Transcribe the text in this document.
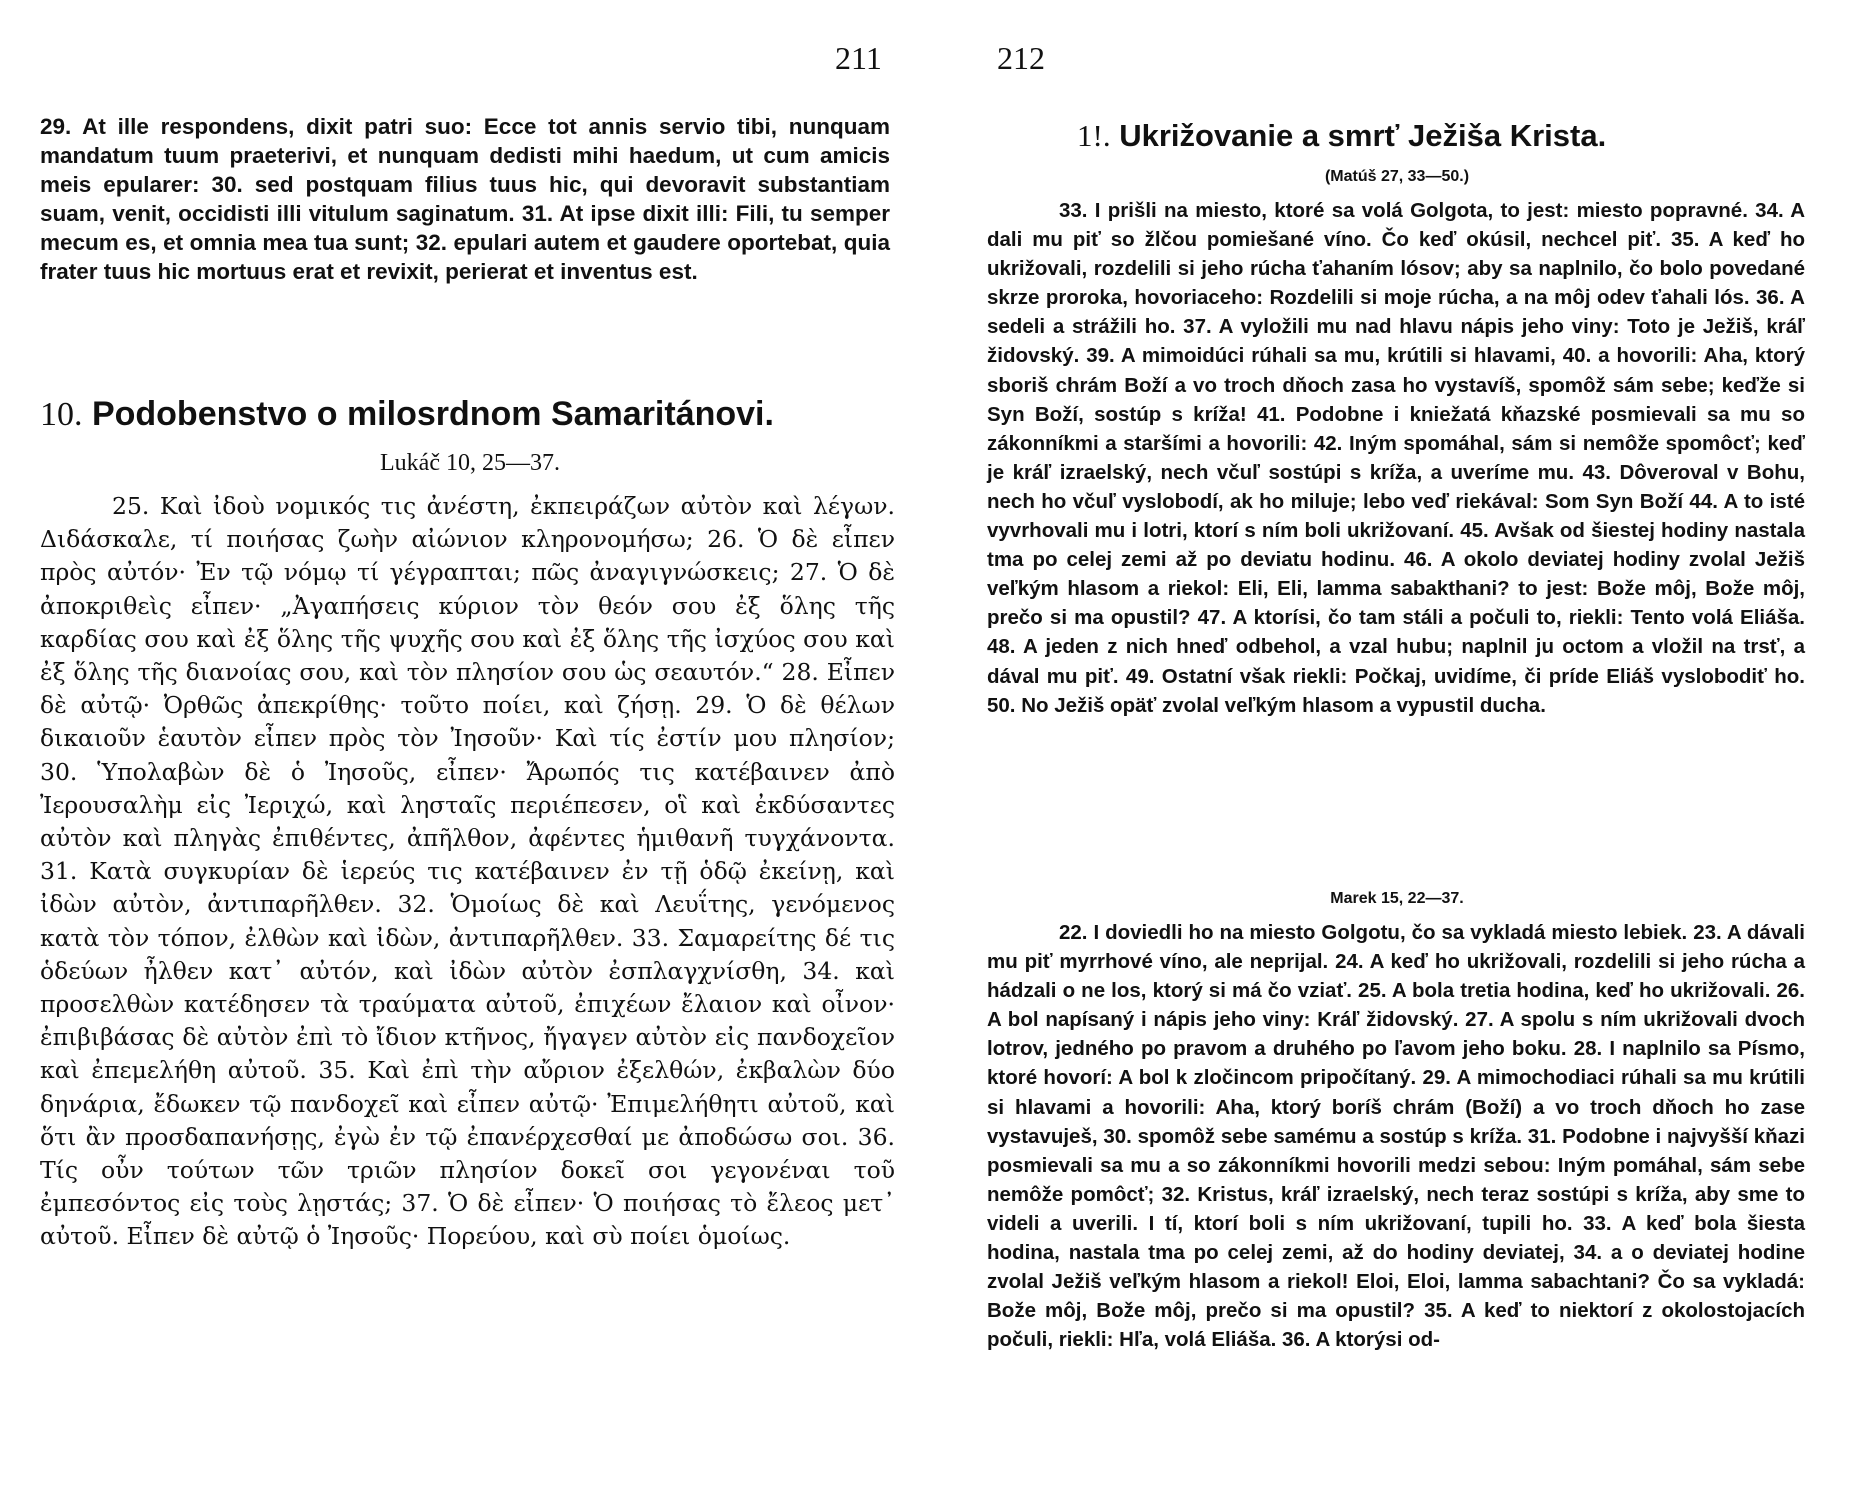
211
29. At ille respondens, dixit patri suo: Ecce tot annis servio tibi, nunquam mandatum tuum praeterivi, et nunquam dedisti mihi haedum, ut cum amicis meis epularer: 30. sed postquam filius tuus hic, qui devoravit substantiam suam, venit, occidisti illi vitulum saginatum. 31. At ipse dixit illi: Fili, tu semper mecum es, et omnia mea tua sunt; 32. epulari autem et gaudere oportebat, quia frater tuus hic mortuus erat et revixit, perierat et inventus est.
10. Podobenstvo o milosrdnom Samaritánovi.
Lukáč 10, 25—37.
25. Καὶ ἰδοὺ νομικός τις ἀνέστη, ἐκπειράζων αὐτὸν καὶ λέγων. Διδάσκαλε, τί ποιήσας ζωὴν αἰώνιον κληρονομήσω; 26. Ὁ δὲ εἶπεν πρὸς αὐτόν· Ἐν τῷ νόμῳ τί γέγραπται; πῶς ἀναγιγνώσκεις; 27. Ὁ δὲ ἀποκριθεὶς εἶπεν· „Ἀγαπήσεις κύριον τὸν θεόν σου ἐξ ὅλης τῆς καρδίας σου καὶ ἐξ ὅλης τῆς ψυχῆς σου καὶ ἐξ ὅλης τῆς ἰσχύος σου καὶ ἐξ ὅλης τῆς διανοίας σου, καὶ τὸν πλησίον σου ὡς σεαυτόν.“ 28. Εἶπεν δὲ αὐτῷ· Ὀρθῶς ἀπεκρίθης· τοῦτο ποίει, καὶ ζήσῃ. 29. Ὁ δὲ θέλων δικαιοῦν ἑαυτὸν εἶπεν πρὸς τὸν Ἰησοῦν· Καὶ τίς ἐστίν μου πλησίον; 30. Ὑπολαβὼν δὲ ὁ Ἰησοῦς, εἶπεν· Ἄρωπός τις κατέβαινεν ἀπὸ Ἰερουσαλὴμ εἰς Ἰεριχώ, καὶ λησταῖς περιέπεσεν, οἳ καὶ ἐκδύσαντες αὐτὸν καὶ πληγὰς ἐπιθέντες, ἀπῆλθον, ἀφέντες ἡμιθανῆ τυγχάνοντα. 31. Κατὰ συγκυρίαν δὲ ἱερεύς τις κατέβαινεν ἐν τῇ ὁδῷ ἐκείνῃ, καὶ ἰδὼν αὐτὸν, ἀντιπαρῆλθεν. 32. Ὁμοίως δὲ καὶ Λευΐτης, γενόμενος κατὰ τὸν τόπον, ἐλθὼν καὶ ἰδὼν, ἀντιπαρῆλθεν. 33. Σαμαρείτης δέ τις ὁδεύων ἦλθεν κατ᾽ αὐτόν, καὶ ἰδὼν αὐτὸν ἐσπλαγχνίσθη, 34. καὶ προσελθὼν κατέδησεν τὰ τραύματα αὐτοῦ, ἐπιχέων ἔλαιον καὶ οἶνον· ἐπιβιβάσας δὲ αὐτὸν ἐπὶ τὸ ἴδιον κτῆνος, ἤγαγεν αὐτὸν εἰς πανδοχεῖον καὶ ἐπεμελήθη αὐτοῦ. 35. Καὶ ἐπὶ τὴν αὔριον ἐξελθών, ἐκβαλὼν δύο δηνάρια, ἔδωκεν τῷ πανδοχεῖ καὶ εἶπεν αὐτῷ· Ἐπιμελήθητι αὐτοῦ, καὶ ὅτι ἂν προσδαπανήσῃς, ἐγὼ ἐν τῷ ἐπανέρχεσθαί με ἀποδώσω σοι. 36. Τίς οὖν τούτων τῶν τριῶν πλησίον δοκεῖ σοι γεγονέναι τοῦ ἐμπεσόντος εἰς τοὺς λῃστάς; 37. Ὁ δὲ εἶπεν· Ὁ ποιήσας τὸ ἔλεος μετ᾽ αὐτοῦ. Εἶπεν δὲ αὐτῷ ὁ Ἰησοῦς· Πορεύου, καὶ σὺ ποίει ὁμοίως.
212
1!. Ukrižovanie a smrť Ježiša Krista.
(Matúš 27, 33—50.)
33. I prišli na miesto, ktoré sa volá Golgota, to jest: miesto popravné. 34. A dali mu piť so žlčou pomiešané víno. Čo keď okúsil, nechcel piť. 35. A keď ho ukrižovali, rozdelili si jeho rúcha ťahaním lósov; aby sa naplnilo, čo bolo povedané skrze proroka, hovoriaceho: Rozdelili si moje rúcha, a na môj odev ťahali lós. 36. A sedeli a strážili ho. 37. A vyložili mu nad hlavu nápis jeho viny: Toto je Ježiš, kráľ židovský. 39. A mimoidúci rúhali sa mu, krútili si hlavami, 40. a hovorili: Aha, ktorý sboriš chrám Boží a vo troch dňoch zasa ho vystavíš, spomôž sám sebe; keďže si Syn Boží, sostúp s kríža! 41. Podobne i kniežatá kňazské posmievali sa mu so zákonníkmi a staršími a hovorili: 42. Iným spomáhal, sám si nemôže spomôcť; keď je kráľ izraelský, nech včuľ sostúpi s kríža, a uveríme mu. 43. Dôveroval v Bohu, nech ho včuľ vyslobodí, ak ho miluje; lebo veď riekával: Som Syn Boží 44. A to isté vyvrhovali mu i lotri, ktorí s ním boli ukrižovaní. 45. Avšak od šiestej hodiny nastala tma po celej zemi až po deviatu hodinu. 46. A okolo deviatej hodiny zvolal Ježiš veľkým hlasom a riekol: Eli, Eli, lamma sabakthani? to jest: Bože môj, Bože môj, prečo si ma opustil? 47. A ktorísi, čo tam stáli a počuli to, riekli: Tento volá Eliáša. 48. A jeden z nich hneď odbehol, a vzal hubu; naplnil ju octom a vložil na trsť, a dával mu piť. 49. Ostatní však riekli: Počkaj, uvidíme, či príde Eliáš vyslobodiť ho. 50. No Ježiš opäť zvolal veľkým hlasom a vypustil ducha.
Marek 15, 22—37.
22. I doviedli ho na miesto Golgotu, čo sa vykladá miesto lebiek. 23. A dávali mu piť myrrhové víno, ale neprijal. 24. A keď ho ukrižovali, rozdelili si jeho rúcha a hádzali o ne los, ktorý si má čo vziať. 25. A bola tretia hodina, keď ho ukrižovali. 26. A bol napísaný i nápis jeho viny: Kráľ židovský. 27. A spolu s ním ukrižovali dvoch lotrov, jedného po pravom a druhého po ľavom jeho boku. 28. I naplnilo sa Písmo, ktoré hovorí: A bol k zločincom pripočítaný. 29. A mimochodiaci rúhali sa mu krútili si hlavami a hovorili: Aha, ktorý boríš chrám (Boží) a vo troch dňoch ho zase vystavuješ, 30. spomôž sebe samému a sostúp s kríža. 31. Podobne i najvyšší kňazi posmievali sa mu a so zákonníkmi hovorili medzi sebou: Iným pomáhal, sám sebe nemôže pomôcť; 32. Kristus, kráľ izraelský, nech teraz sostúpi s kríža, aby sme to videli a uverili. I tí, ktorí boli s ním ukrižovaní, tupili ho. 33. A keď bola šiesta hodina, nastala tma po celej zemi, až do hodiny deviatej, 34. a o deviatej hodine zvolal Ježiš veľkým hlasom a riekol! Eloi, Eloi, lamma sabachtani? Čo sa vykladá: Bože môj, Bože môj, prečo si ma opustil? 35. A keď to niektorí z okolostojacích počuli, riekli: Hľa, volá Eliáša. 36. A ktorýsi od-
